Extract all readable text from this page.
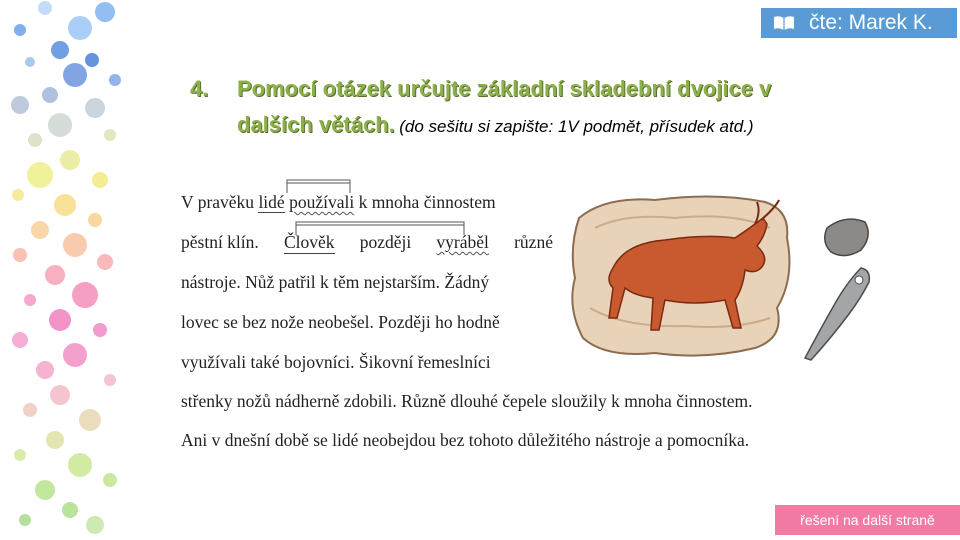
čte: Marek K.
4. Pomocí otázek určujte základní skladební dvojice v
dalších větách. (do sešitu si zapište: 1V podmět, přísudek atd.)
V pravěku lidé používali k mnoha činnostem
pěstní klín. Člověk později vyráběl různé
nástroje. Nůž patřil k těm nejstarším. Žádný
lovec se bez nože neobešel. Později ho hodně
využívali také bojovníci. Šikovní řemeslníci
střenky nožů nádherně zdobili. Různě dlouhé čepele sloužily k mnoha činnostem.
Ani v dnešní době se lidé neobejdou bez tohoto důležitého nástroje a pomocníka.
řešení na další straně
